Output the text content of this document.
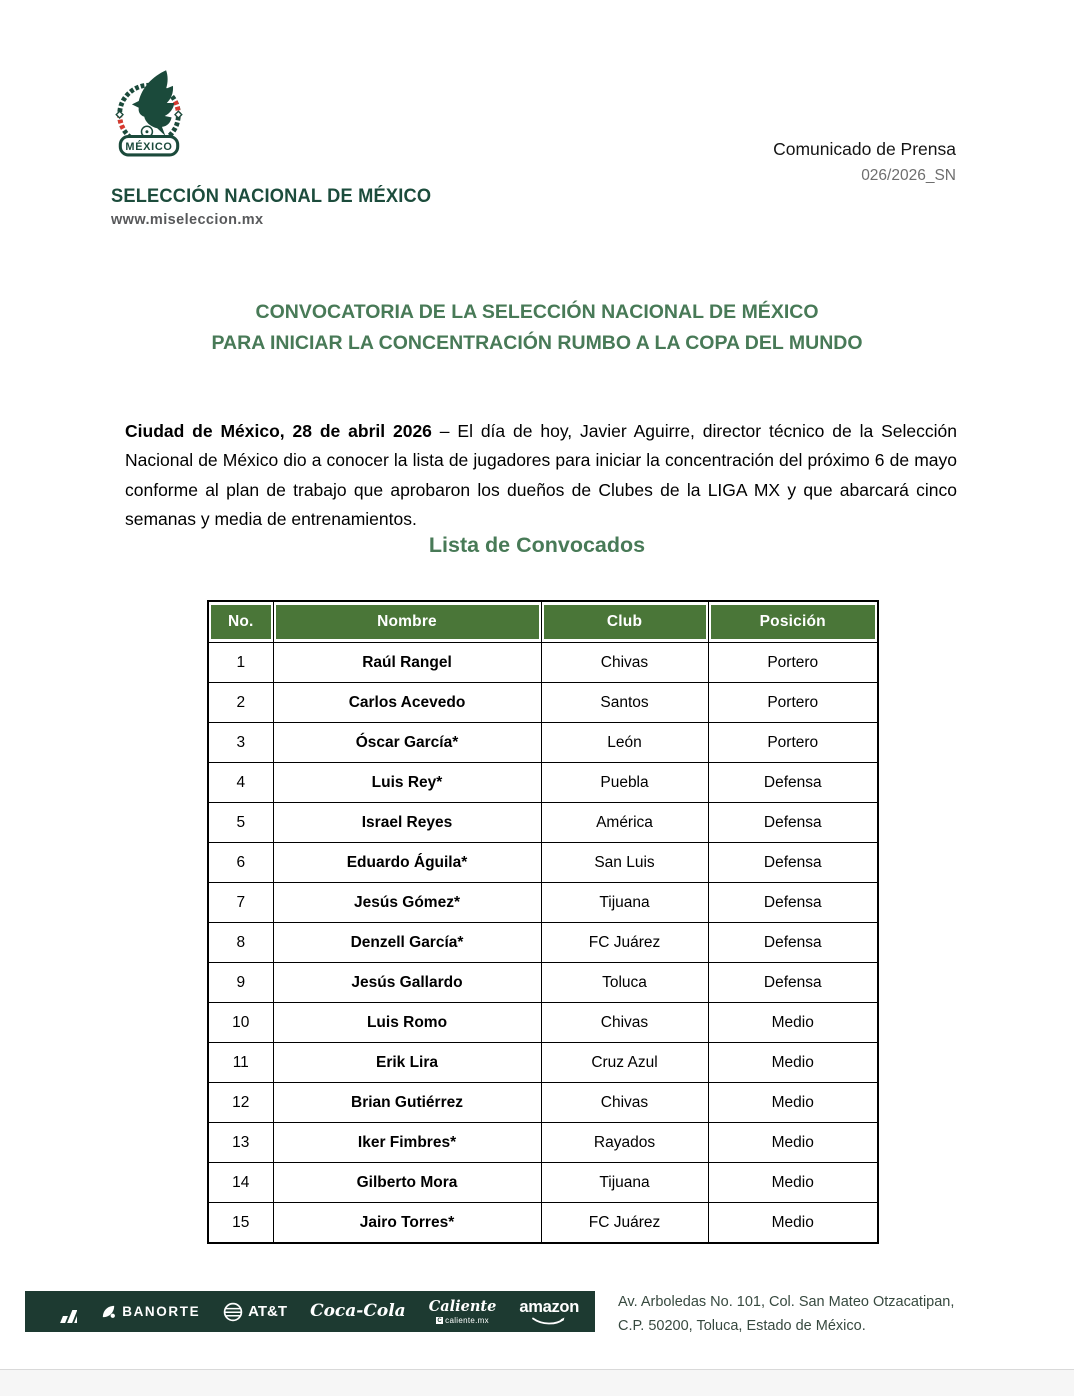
MÉXICO
SELECCIÓN NACIONAL DE MÉXICO
www.miseleccion.mx
Comunicado de Prensa
026/2026_SN
CONVOCATORIA DE LA SELECCIÓN NACIONAL DE MÉXICO
PARA INICIAR LA CONCENTRACIÓN RUMBO A LA COPA DEL MUNDO

Ciudad de México, 28 de abril 2026 – El día de hoy, Javier Aguirre, director técnico de la Selección Nacional de México dio a conocer la lista de jugadores para iniciar la concentración del próximo 6 de mayo conforme al plan de trabajo que aprobaron los dueños de Clubes de la LIGA MX y que abarcará cinco semanas y media de entrenamientos.

Lista de Convocados
No.	Nombre	Club	Posición

1	Raúl Rangel	Chivas	Portero
2	Carlos Acevedo	Santos	Portero
3	Óscar García*	León	Portero
4	Luis Rey*	Puebla	Defensa
5	Israel Reyes	América	Defensa
6	Eduardo Águila*	San Luis	Defensa
7	Jesús Gómez*	Tijuana	Defensa
8	Denzell García*	FC Juárez	Defensa
9	Jesús Gallardo	Toluca	Defensa
10	Luis Romo	Chivas	Medio
11	Erik Lira	Cruz Azul	Medio
12	Brian Gutiérrez	Chivas	Medio
13	Iker Fimbres*	Rayados	Medio
14	Gilberto Mora	Tijuana	Medio
15	Jairo Torres*	FC Juárez	Medio
BANORTE	AT&T Coca-Cola Caliente
C caliente.mx
amazon	Av. Arboledas No. 101, Col. San Mateo Otzacatipan,
C.P. 50200, Toluca, Estado de México.
